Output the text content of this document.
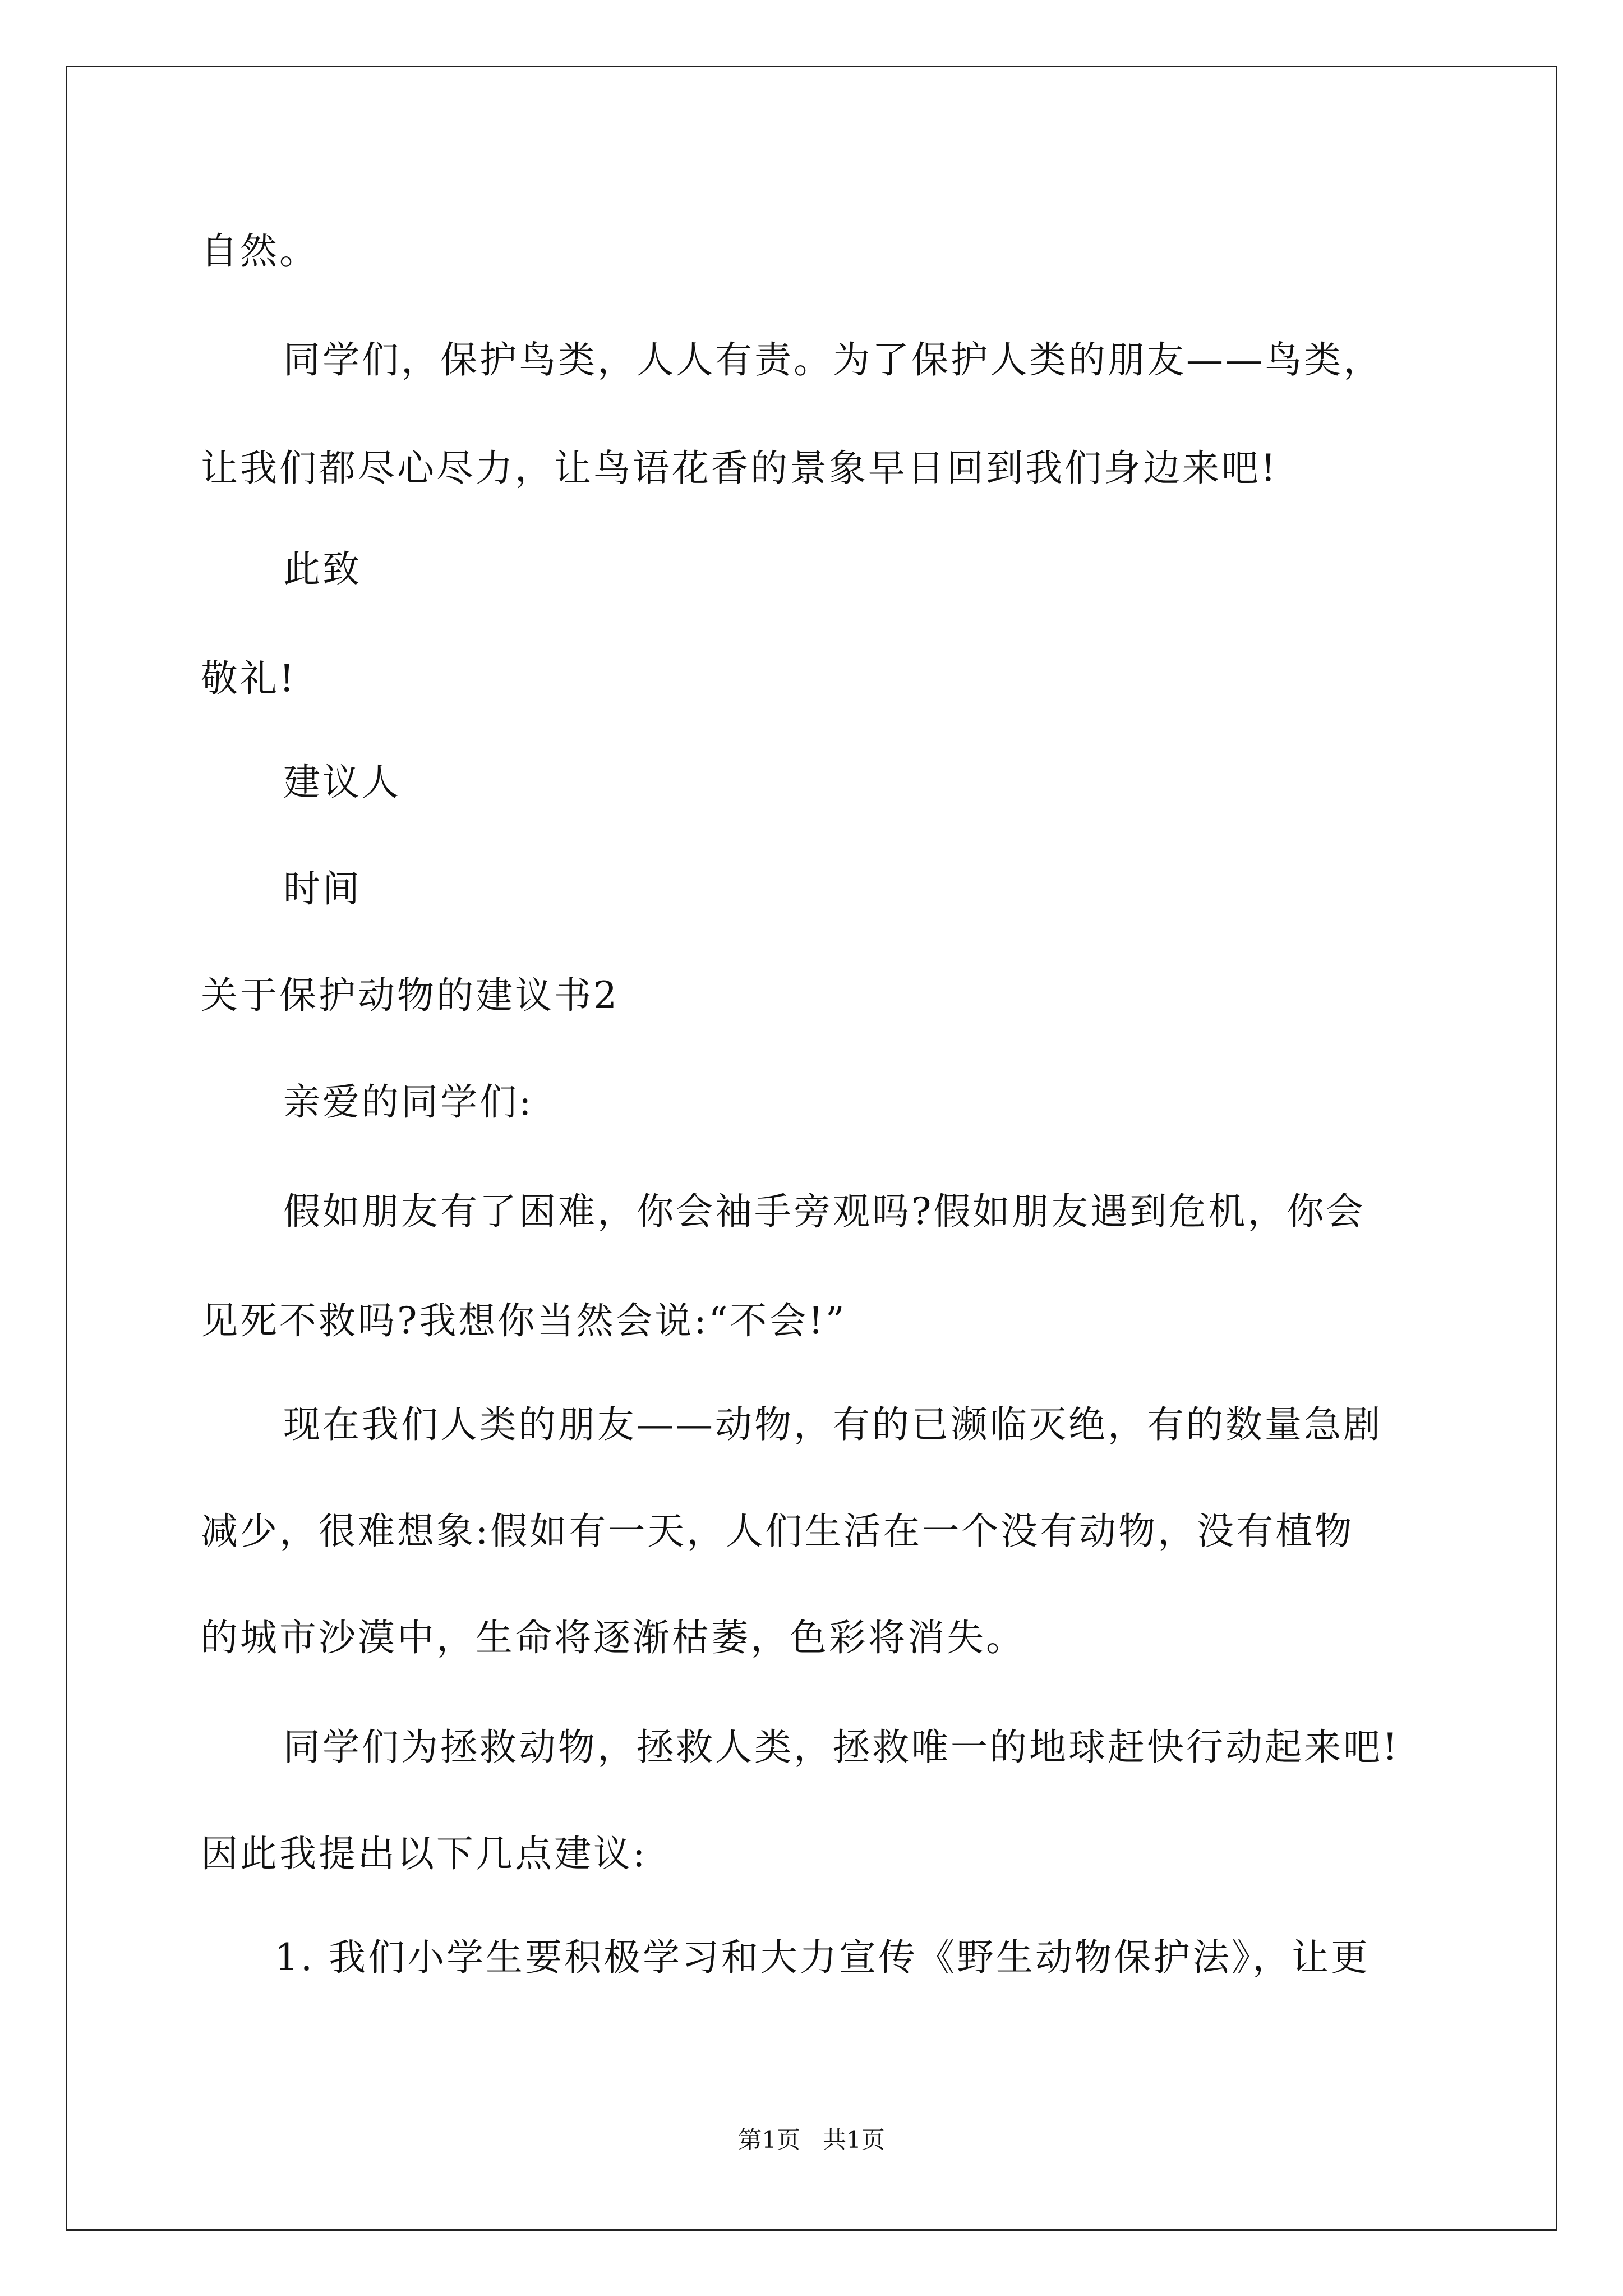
自然。
同学们，保护鸟类，人人有责。为了保护人类的朋友——鸟类，
让我们都尽心尽力，让鸟语花香的景象早日回到我们身边来吧!
此致
敬礼!
建议人
时间
关于保护动物的建议书2
亲爱的同学们:
假如朋友有了困难，你会袖手旁观吗?假如朋友遇到危机，你会
见死不救吗?我想你当然会说:“不会!”
现在我们人类的朋友——动物，有的已濒临灭绝，有的数量急剧
减少，很难想象:假如有一天，人们生活在一个没有动物，没有植物
的城市沙漠中，生命将逐渐枯萎，色彩将消失。
同学们为拯救动物，拯救人类，拯救唯一的地球赶快行动起来吧!
因此我提出以下几点建议:
1. 我们小学生要积极学习和大力宣传《野生动物保护法》，让更
第1页   共1页
